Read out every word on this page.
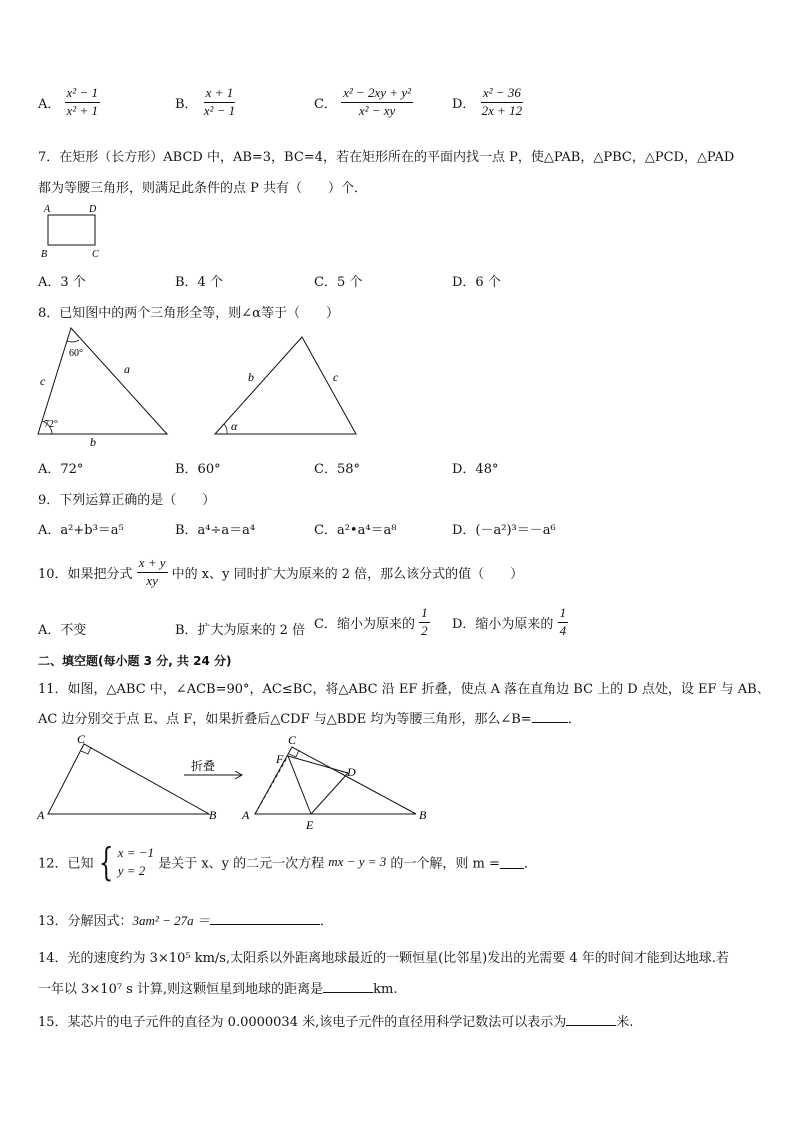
A． $\frac{\text{x² − 1}}{\text{x² + 1}}$	B． $\frac{x + 1}{\text{x² − 1}}$	C． $\frac{\text{x² − 2xy + y²}}{\text{x² − xy}}$	D． $\frac{\text{x² − 36}}{2x + 12}$
7．在矩形（长方形）ABCD 中，AB=3，BC=4，若在矩形所在的平面内找一点 P，使△PAB，△PBC，△PCD，△PAD
都为等腰三角形，则满足此条件的点 P 共有（　　）个．
A	D
B	C
A．3 个	B．4 个	C．5 个	D．6 个
8．已知图中的两个三角形全等，则∠α等于（　　）
60°
72°
c
a
b
α
b	c
A．72°	B．60°	C．58°	D．48°
9．下列运算正确的是（　　）
A．a²+b³＝a⁵	B．a⁴÷a＝a⁴	C．a²•a⁴＝a⁸	D．(－a²)³＝－a⁶
10．如果把分式 $\frac{x + y}{xy}$ 中的 x、y 同时扩大为原来的 2 倍，那么该分式的值（　　）
A．不变	B．扩大为原来的 2 倍 C．缩小为原来的 $\frac{1}{2}$ D．缩小为原来的 $\frac{1}{4}$
二、填空题(每小题 3 分, 共 24 分)
11．如图，△ABC 中，∠ACB=90°，AC≤BC，将△ABC 沿 EF 折叠，使点 A 落在直角边 BC 上的 D 点处，设 EF 与 AB、
AC 边分别交于点 E、点 F，如果折叠后△CDF 与△BDE 均为等腰三角形，那么∠B=	．
C
A	B
折叠
C
F
D
A
E
B
12．已知 { x = −1
y = 2 是关于 x、y 的二元一次方程 mx − y = 3 的一个解，则 m = ．
13．分解因式：3am² − 27a ＝	．
14．光的速度约为 3×10⁵ km/s,太阳系以外距离地球最近的一颗恒星(比邻星)发出的光需要 4 年的时间才能到达地球.若
一年以 3×10⁷ s 计算,则这颗恒星到地球的距离是	km.
15．某芯片的电子元件的直径为 0.0000034 米,该电子元件的直径用科学记数法可以表示为	米.
